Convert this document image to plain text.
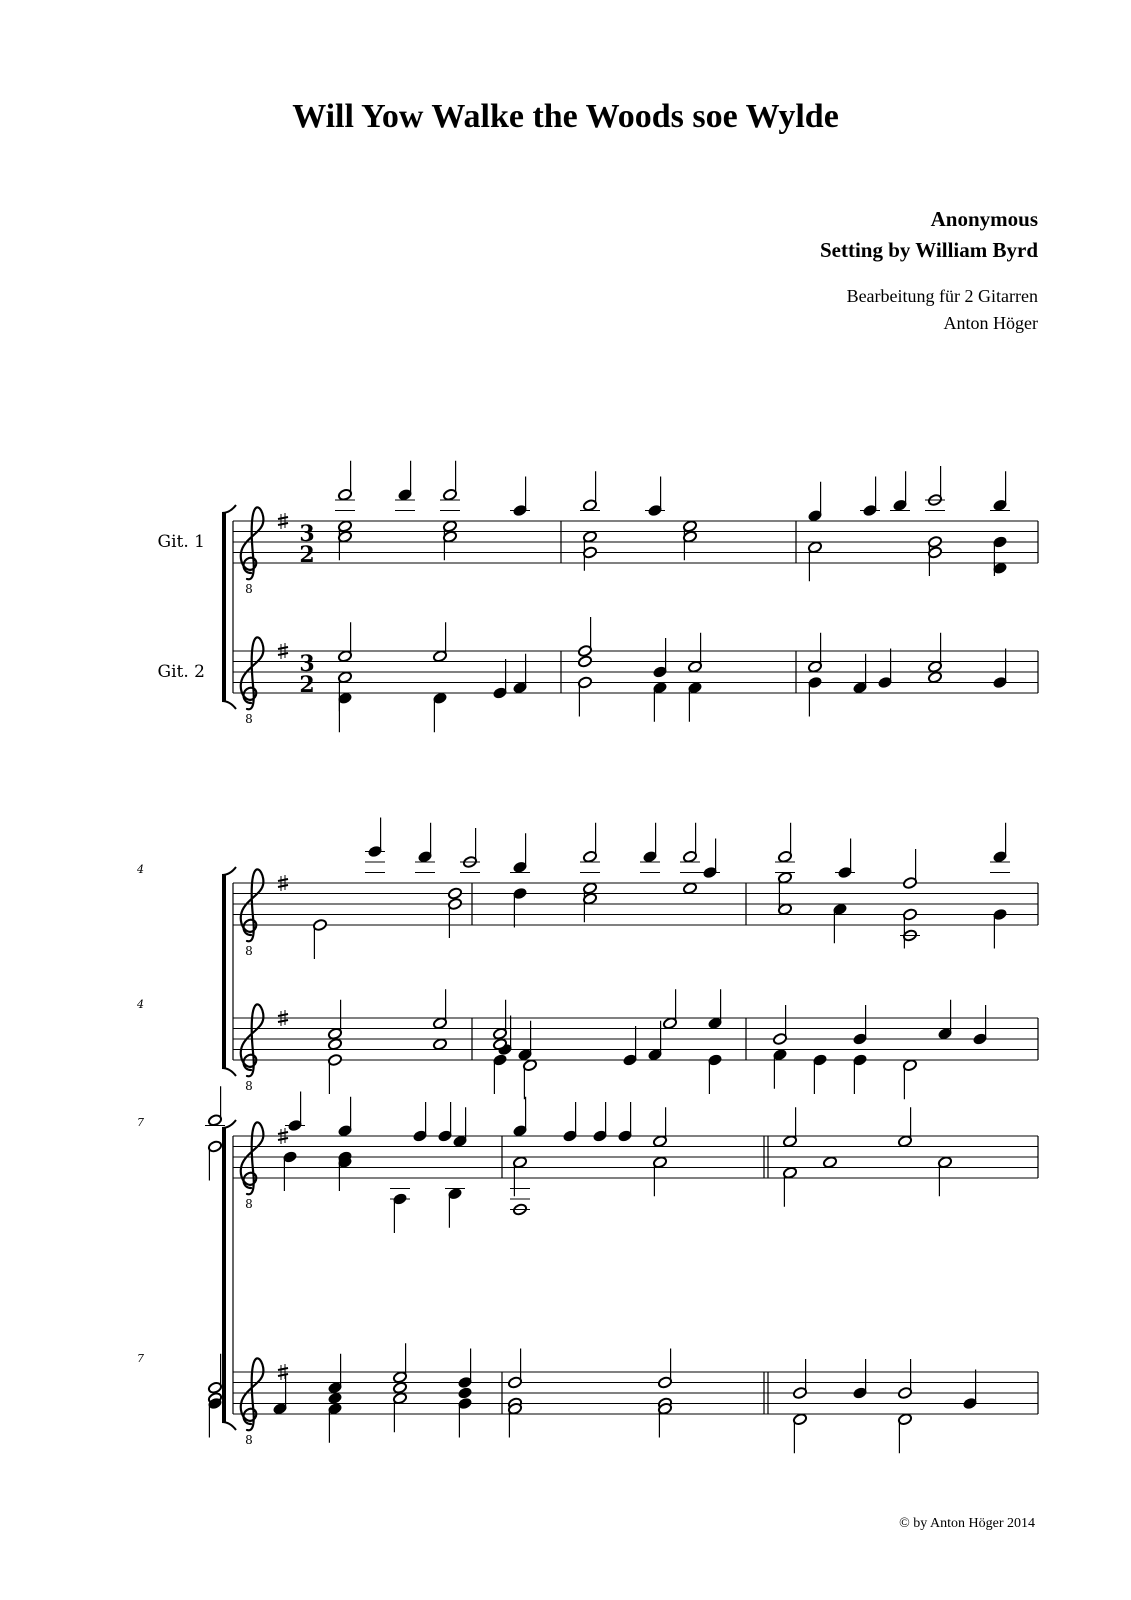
Will Yow Walke the Woods soe Wylde
Anonymous
Setting by William Byrd
Bearbeitung für 2 Gitarren
Anton Höger
8
3
2
8
3
2
Git. 1
Git. 2
8
8
4
4
8
8
7
7
© by Anton Höger 2014
